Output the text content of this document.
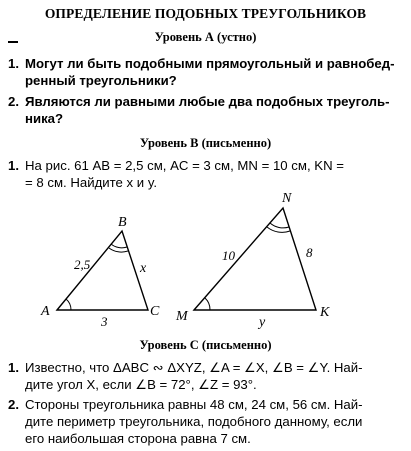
ОПРЕДЕЛЕНИЕ ПОДОБНЫХ ТРЕУГОЛЬНИКОВ
Уровень А (устно)
1. Могут ли быть подобными прямоугольный и равнобед-
ренный треугольники?
2. Являются ли равными любые два подобных треуголь-
ника?
Уровень В (письменно)
1. На рис. 61 AB = 2,5 см, AC = 3 см, MN = 10 см, KN =
= 8 см. Найдите x и y.
A
B
C
2,5	x
3	M
N
K
10	8
y
Уровень С (письменно)
1. Известно, что ΔABC ∾ ΔXYZ, ∠A = ∠X, ∠B = ∠Y. Най-
дите угол X, если ∠B = 72°, ∠Z = 93°.
2. Стороны треугольника равны 48 см, 24 см, 56 см. Най-
дите периметр треугольника, подобного данному, если
его наибольшая сторона равна 7 см.
